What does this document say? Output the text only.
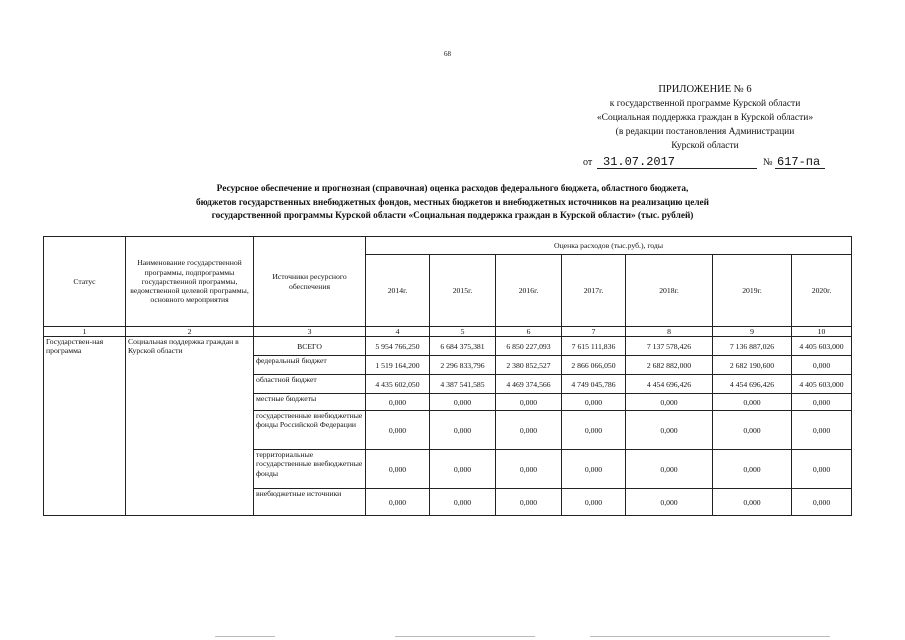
68
ПРИЛОЖЕНИЕ № 6
к государственной программе Курской области
«Социальная поддержка граждан в Курской области»
(в редакции постановления Администрации
Курской области
от 31.07.2017	№ 617-па
Ресурсное обеспечение и прогнозная (справочная) оценка расходов федерального бюджета, областного бюджета,
бюджетов государственных внебюджетных фондов, местных бюджетов и внебюджетных источников на реализацию целей
государственной программы Курской области «Социальная поддержка граждан в Курской области» (тыс. рублей)
Статус	Наименование государственной программы, подпрограммы государственной программы, ведомственной целевой программы, основного мероприятия	Источники ресурсного обеспечения	Оценка расходов (тыс.руб.), годы						
			2014г.	2015г.	2016г.	2017г.	2018г.	2019г.	2020г.
1	2	3	4	5	6	7	8	9	10
Государствен-ная программа	Социальная поддержка граждан в Курской области	ВСЕГО	5 954 766,250	6 684 375,381	6 850 227,093	7 615 111,836	7 137 578,426	7 136 887,026	4 405 603,000
		федеральный бюджет	1 519 164,200	2 296 833,796	2 380 852,527	2 866 066,050	2 682 882,000	2 682 190,600	0,000
		областной бюджет	4 435 602,050	4 387 541,585	4 469 374,566	4 749 045,786	4 454 696,426	4 454 696,426	4 405 603,000
		местные бюджеты	0,000	0,000	0,000	0,000	0,000	0,000	0,000
		государственные внебюджетные фонды Российской Федерации	0,000	0,000	0,000	0,000	0,000	0,000	0,000
		территориальные государственные внебюджетные фонды	0,000	0,000	0,000	0,000	0,000	0,000	0,000
		внебюджетные источники	0,000	0,000	0,000	0,000	0,000	0,000	0,000
